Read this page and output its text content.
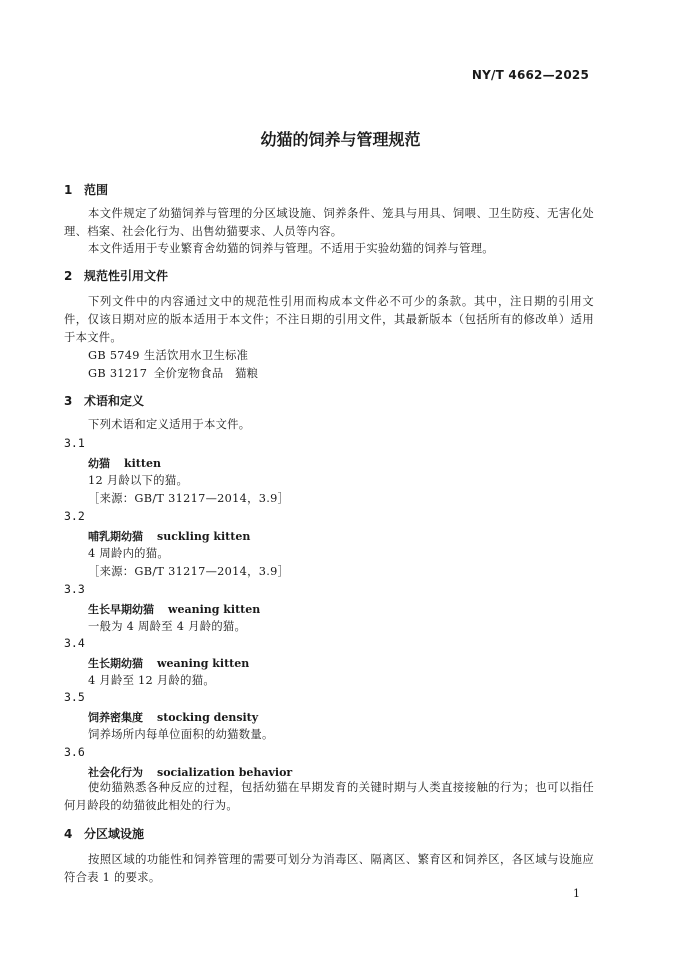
NY/T 4662—2025
幼猫的饲养与管理规范
1 范围
本文件规定了幼猫饲养与管理的分区域设施、饲养条件、笼具与用具、饲喂、卫生防疫、无害化处理、档案、社会化行为、出售幼猫要求、人员等内容。
本文件适用于专业繁育舍幼猫的饲养与管理。不适用于实验幼猫的饲养与管理。
2 规范性引用文件
下列文件中的内容通过文中的规范性引用而构成本文件必不可少的条款。其中，注日期的引用文件，仅该日期对应的版本适用于本文件；不注日期的引用文件，其最新版本（包括所有的修改单）适用于本文件。
GB 5749 生活饮用水卫生标准
GB 31217 全价宠物食品　猫粮
3 术语和定义
下列术语和定义适用于本文件。
3.1
幼猫 kitten
12 月龄以下的猫。
［来源：GB/T 31217—2014，3.9］
3.2
哺乳期幼猫 suckling kitten
4 周龄内的猫。
［来源：GB/T 31217—2014，3.9］
3.3
生长早期幼猫 weaning kitten
一般为 4 周龄至 4 月龄的猫。
3.4
生长期幼猫 weaning kitten
4 月龄至 12 月龄的猫。
3.5
饲养密集度 stocking density
饲养场所内每单位面积的幼猫数量。
3.6
社会化行为 socialization behavior
使幼猫熟悉各种反应的过程，包括幼猫在早期发育的关键时期与人类直接接触的行为；也可以指任何月龄段的幼猫彼此相处的行为。
4 分区域设施
按照区域的功能性和饲养管理的需要可划分为消毒区、隔离区、繁育区和饲养区，各区域与设施应符合表 1 的要求。
1
